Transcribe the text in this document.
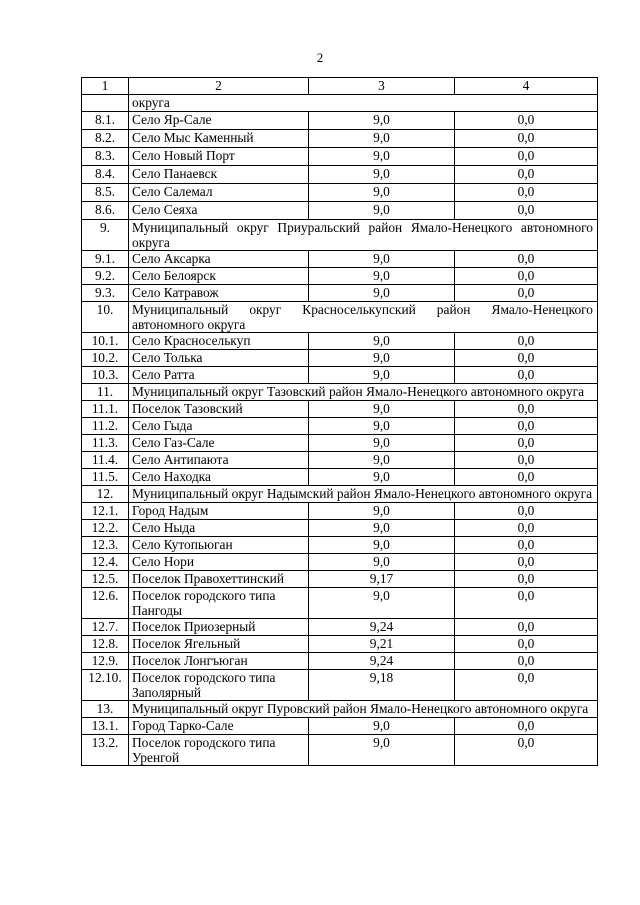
2
1	2	3	4
	округа		
8.1.	Село Яр-Сале	9,0	0,0
8.2.	Село Мыс Каменный	9,0	0,0
8.3.	Село Новый Порт	9,0	0,0
8.4.	Село Панаевск	9,0	0,0
8.5.	Село Салемал	9,0	0,0
8.6.	Село Сеяха	9,0	0,0
9.	Муниципальный округ Приуральский район Ямало-Ненецкого автономного округа		
9.1.	Село Аксарка	9,0	0,0
9.2.	Село Белоярск	9,0	0,0
9.3.	Село Катравож	9,0	0,0
10.	Муниципальный округ Красноселькупский район Ямало-Ненецкого автономного округа		
10.1.	Село Красноселькуп	9,0	0,0
10.2.	Село Толька	9,0	0,0
10.3.	Село Ратта	9,0	0,0
11.	Муниципальный округ Тазовский район Ямало-Ненецкого автономного округа		
11.1.	Поселок Тазовский	9,0	0,0
11.2.	Село Гыда	9,0	0,0
11.3.	Село Газ-Сале	9,0	0,0
11.4.	Село Антипаюта	9,0	0,0
11.5.	Село Находка	9,0	0,0
12.	Муниципальный округ Надымский район Ямало-Ненецкого автономного округа		
12.1.	Город Надым	9,0	0,0
12.2.	Село Ныда	9,0	0,0
12.3.	Село Кутопьюган	9,0	0,0
12.4.	Село Нори	9,0	0,0
12.5.	Поселок Правохеттинский	9,17	0,0
12.6.	Поселок городского типа Пангоды	9,0	0,0
12.7.	Поселок Приозерный	9,24	0,0
12.8.	Поселок Ягельный	9,21	0,0
12.9.	Поселок Лонгъюган	9,24	0,0
12.10.	Поселок городского типа Заполярный	9,18	0,0
13.	Муниципальный округ Пуровский район Ямало-Ненецкого автономного округа		
13.1.	Город Тарко-Сале	9,0	0,0
13.2.	Поселок городского типа Уренгой	9,0	0,0
